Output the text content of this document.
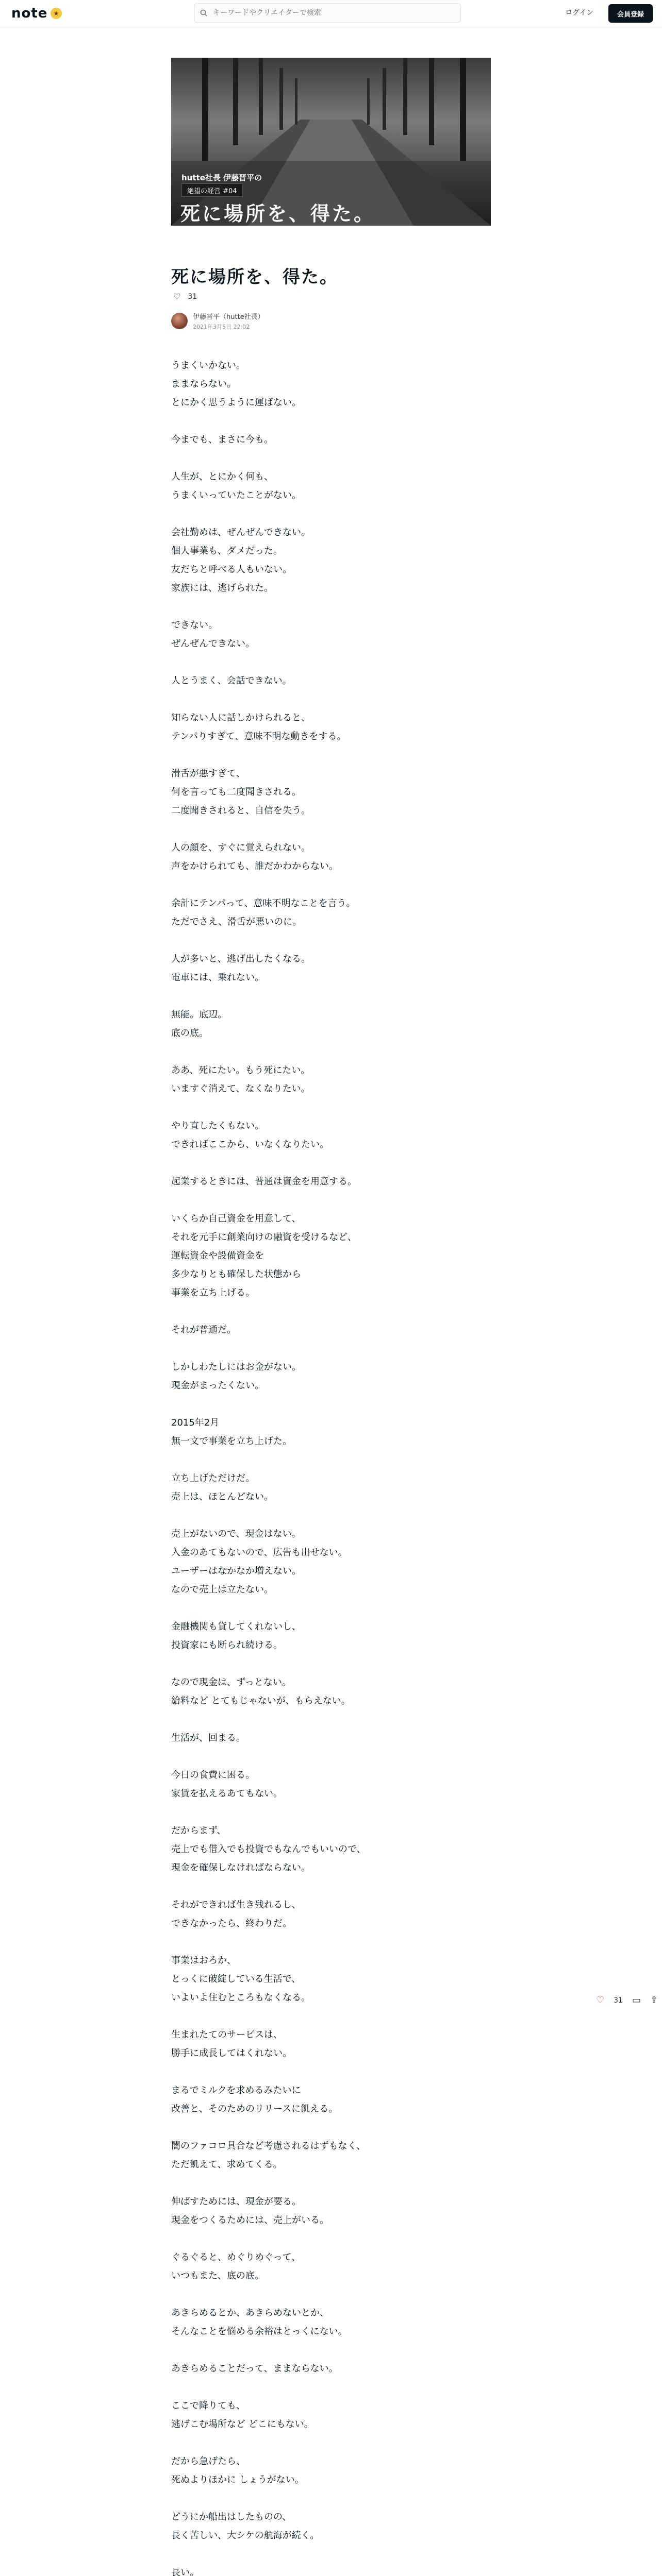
note ★
キーワードやクリエイターで検索	ログイン	会員登録
hutte社長 伊藤晋平の
絶望の経営 #04
死に場所を、得た。
死に場所を、得た。
♡ 31
伊藤晋平（hutte社長）
2021年3月5日 22:02

うまくいかない。
ままならない。
とにかく思うように運ばない。

今までも、まさに今も。

人生が、とにかく何も、
うまくいっていたことがない。

会社勤めは、ぜんぜんできない。
個人事業も、ダメだった。
友だちと呼べる人もいない。
家族には、逃げられた。

できない。
ぜんぜんできない。

人とうまく、会話できない。

知らない人に話しかけられると、
テンパりすぎて、意味不明な動きをする。

滑舌が悪すぎて、
何を言っても二度聞きされる。
二度聞きされると、自信を失う。

人の顔を、すぐに覚えられない。
声をかけられても、誰だかわからない。

余計にテンパって、意味不明なことを言う。
ただでさえ、滑舌が悪いのに。

人が多いと、逃げ出したくなる。
電車には、乗れない。

無能。底辺。
底の底。

ああ、死にたい。もう死にたい。
いますぐ消えて、なくなりたい。

やり直したくもない。
できればここから、いなくなりたい。

起業するときには、普通は資金を用意する。

いくらか自己資金を用意して、
それを元手に創業向けの融資を受けるなど、
運転資金や設備資金を
多少なりとも確保した状態から
事業を立ち上げる。

それが普通だ。

しかしわたしにはお金がない。
現金がまったくない。

2015年2月
無一文で事業を立ち上げた。

立ち上げただけだ。
売上は、ほとんどない。

売上がないので、現金はない。
入金のあてもないので、広告も出せない。
ユーザーはなかなか増えない。
なので売上は立たない。

金融機関も貸してくれないし、
投資家にも断られ続ける。

なので現金は、ずっとない。
給料など とてもじゃないが、もらえない。

生活が、回まる。

今日の食費に困る。
家賃を払えるあてもない。

だからまず、
売上でも借入でも投資でもなんでもいいので、
現金を確保しなければならない。

それができれば生き残れるし、
できなかったら、終わりだ。

事業はおろか、
とっくに破綻している生活で、
いよいよ住むところもなくなる。

生まれたてのサービスは、
勝手に成長してはくれない。

まるでミルクを求めるみたいに
改善と、そのためのリリースに飢える。

闇のファコロ具合など考慮されるはずもなく、
ただ飢えて、求めてくる。

伸ばすためには、現金が要る。
現金をつくるためには、売上がいる。

ぐるぐると、めぐりめぐって、
いつもまた、底の底。

あきらめるとか、あきらめないとか、
そんなことを悩める余裕はとっくにない。

あきらめることだって、ままならない。

ここで降りても、
逃げこむ場所など どこにもない。

だから急げたら、
死ぬよりほかに しょうがない。

どうにか船出はしたものの、
長く苦しい、大シケの航海が続く。

長い。

♡ 31 ▭ ⇪
